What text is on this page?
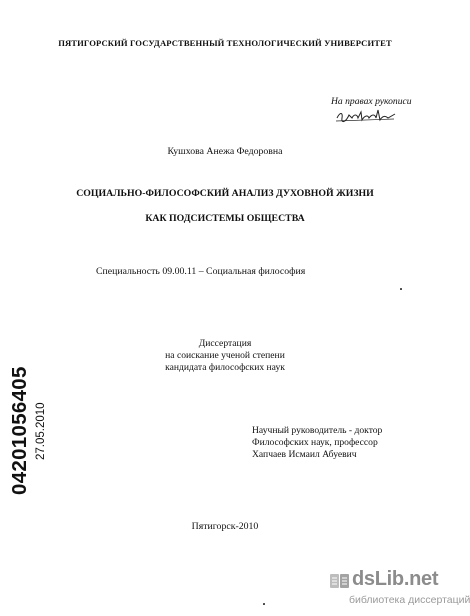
ПЯТИГОРСКИЙ ГОСУДАРСТВЕННЫЙ ТЕХНОЛОГИЧЕСКИЙ УНИВЕРСИТЕТ
На правах рукописи
Кушхова Анежа Федоровна
СОЦИАЛЬНО-ФИЛОСОФСКИЙ АНАЛИЗ ДУХОВНОЙ ЖИЗНИ
КАК ПОДСИСТЕМЫ ОБЩЕСТВА
Специальность 09.00.11 – Социальная философия
Диссертация
на соискание ученой степени
кандидата философских наук
Научный руководитель - доктор
Философских наук, профессор
Хапчаев Исмаил Абуевич
Пятигорск-2010
04201056405 27.05.2010
dsLib.net
библиотека диссертаций
